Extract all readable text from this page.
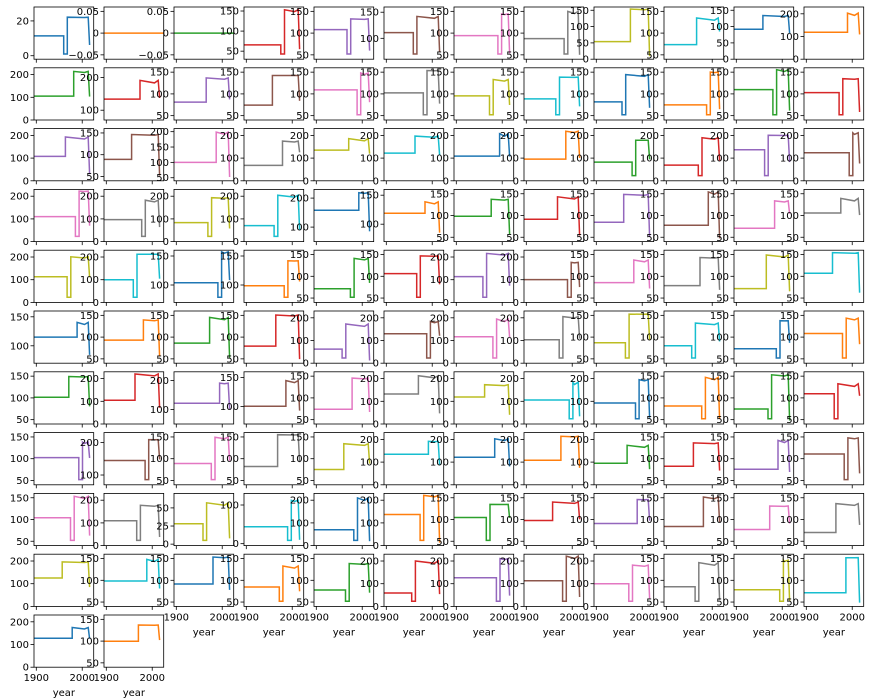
0
20
−0.05
0
0.05
−0.05
0
0.05
50
100
150
50
100
150
100
150
50
100
150
50
100
150
0
50
100
150
50
100
150
0
50
100
150
0
100
200
0
100
200
100
200
50
100
150
50
100
150
50
100
150
50
100
150
50
100
150
50
100
150
50
100
150
50
100
150
50
100
150
50
100
150
0
100
200
50
100
150
50
100
150
200
0
100
200
0
100
200
0
100
200
0
100
200
0
100
200
0
100
200
0
100
200
0
100
200
0
100
200
0
100
200
0
100
200
0
100
200
0
100
200
100
200
100
150
50
100
150
50
100
150
50
100
150
50
100
150
50
100
150
50
100
150
0
100
200
0
100
200
100
150
100
150
50
100
150
50
100
150
0
100
200
0
100
200
50
100
150
50
100
150
50
100
150
50
100
150
100
150
50
100
150
50
100
150
50
100
150
0
100
200
0
100
200
0
100
200
0
100
200
50
100
150
50
100
150
50
100
150
50
100
150
50
100
150
0
100
200
100
200
100
150
50
100
150
0
100
200
0
100
200
0
100
200
0
100
200
50
100
150
50
100
150
50
100
150
50
100
150
100
200
50
100
150
50
100
150
50
100
150
0
100
200
0
100
200
0
100
200
0
100
200
50
100
150
50
100
150
50
100
150
50
100
150
0
100
200
0
25
50
0
100
0
100
200
0
100
200
50
100
150
50
100
150
50
100
150
50
100
150
50
100
150
50
100
150
0
100
200
50
100
150
50
100
150
1900 2000
year
50
100
150
1900 2000
year
50
100
150
1900 2000
year
0
100
200
1900 2000
year
0
100
200
1900 2000
year
0
100
200
1900 2000
year
0
100
200
1900 2000
year
50
100
150
1900 2000
year
50
100
150
1900 2000
year
50
100
150
1900 2000
year
0
100
200
1900 2000
year
50
100
150
1900 2000
year
